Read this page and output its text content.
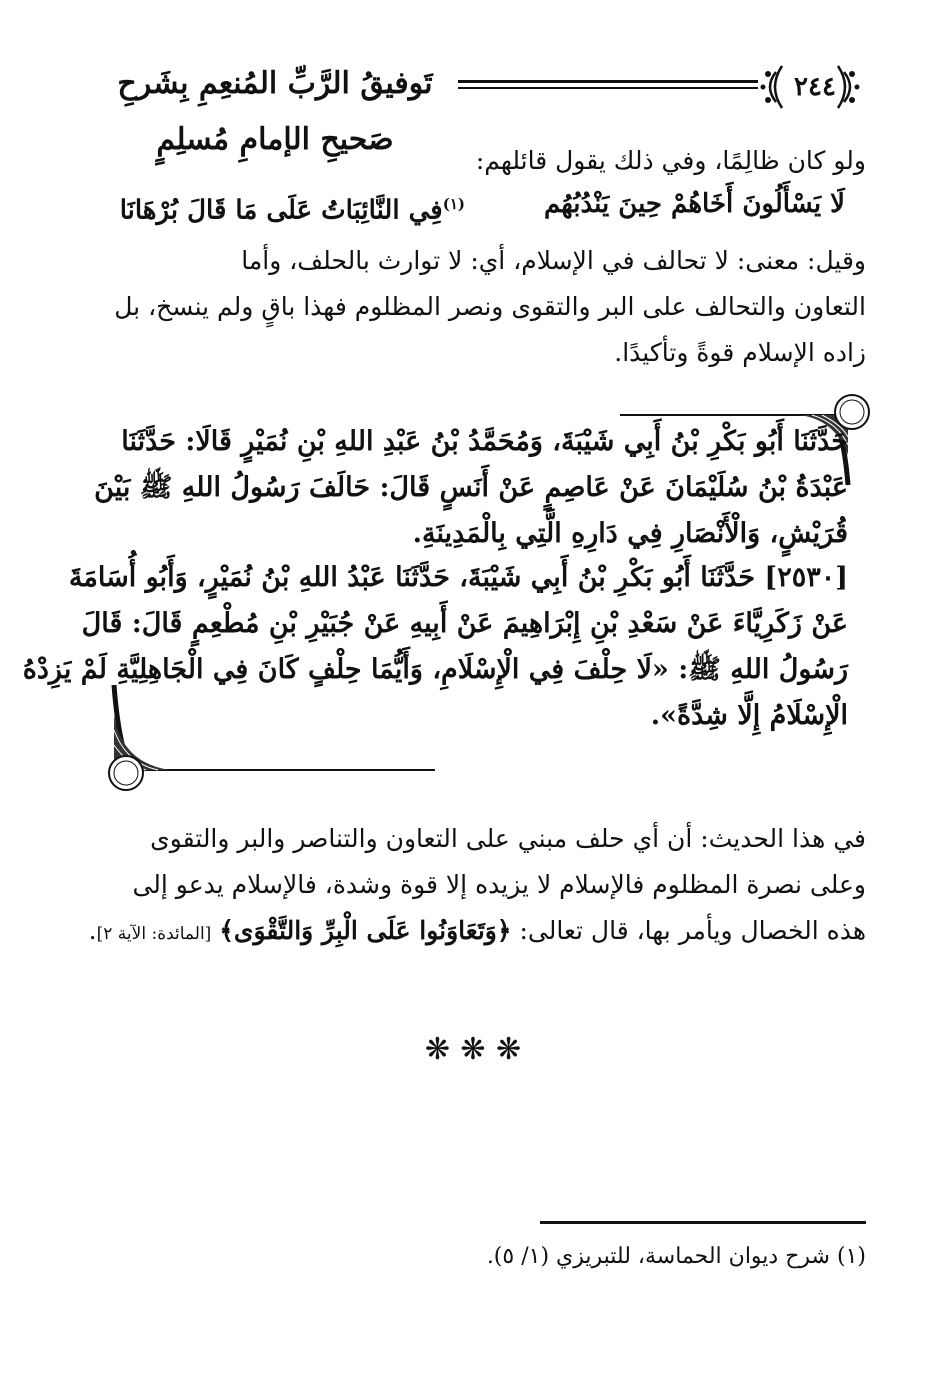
تَوفيقُ الرَّبِّ المُنعِمِ بِشَرحِ صَحيحِ الإمامِ مُسلِمٍ
٢٤٤
ولو كان ظالِمًا، وفي ذلك يقول قائلهم:
لَا يَسْأَلُونَ أَخَاهُمْ حِينَ يَنْدُبُهُم
$^{(١)}$فِي النَّائِبَاتُ عَلَى مَا قَالَ بُرْهَانَا
وقيل: معنى: لا تحالف في الإسلام، أي: لا توارث بالحلف، وأما
التعاون والتحالف على البر والتقوى ونصر المظلوم فهذا باقٍ ولم ينسخ، بل
زاده الإسلام قوةً وتأكيدًا.
حَدَّثَنَا أَبُو بَكْرِ بْنُ أَبِي شَيْبَةَ، وَمُحَمَّدُ بْنُ عَبْدِ اللهِ بْنِ نُمَيْرٍ قَالَا: حَدَّثَنَا
عَبْدَةُ بْنُ سُلَيْمَانَ عَنْ عَاصِمٍ عَنْ أَنَسٍ قَالَ: حَالَفَ رَسُولُ اللهِ ﷺ بَيْنَ
قُرَيْشٍ، وَالْأَنْصَارِ فِي دَارِهِ الَّتِي بِالْمَدِينَةِ.
[٢٥٣٠] حَدَّثَنَا أَبُو بَكْرِ بْنُ أَبِي شَيْبَةَ، حَدَّثَنَا عَبْدُ اللهِ بْنُ نُمَيْرٍ، وَأَبُو أُسَامَةَ
عَنْ زَكَرِيَّاءَ عَنْ سَعْدِ بْنِ إِبْرَاهِيمَ عَنْ أَبِيهِ عَنْ جُبَيْرِ بْنِ مُطْعِمٍ قَالَ: قَالَ
رَسُولُ اللهِ ﷺ: «لَا حِلْفَ فِي الْإِسْلَامِ، وَأَيُّمَا حِلْفٍ كَانَ فِي الْجَاهِلِيَّةِ لَمْ يَزِدْهُ
الْإِسْلَامُ إِلَّا شِدَّةً».
في هذا الحديث: أن أي حلف مبني على التعاون والتناصر والبر والتقوى
وعلى نصرة المظلوم فالإسلام لا يزيده إلا قوة وشدة، فالإسلام يدعو إلى
هذه الخصال ويأمر بها، قال تعالى: ﴿وَتَعَاوَنُوا عَلَى الْبِرِّ وَالتَّقْوَى﴾ [المائدة: الآية ٢].
❋ ❋ ❋
(١) شرح ديوان الحماسة، للتبريزي (١/ ٥).
